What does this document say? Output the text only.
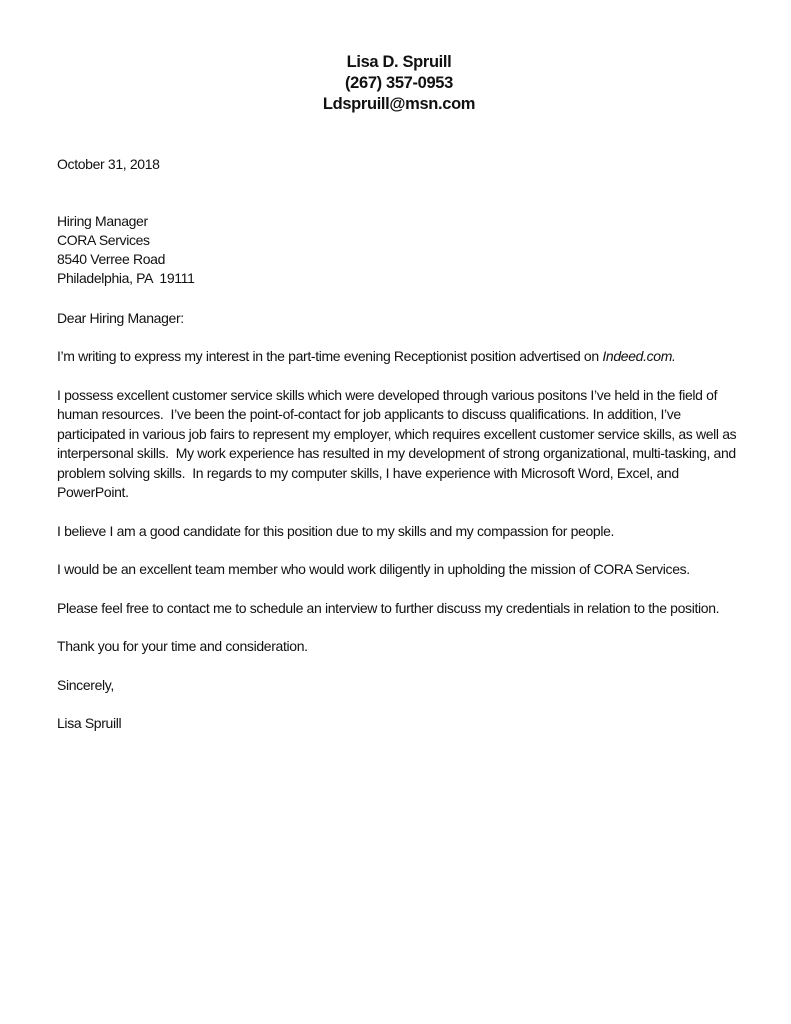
Lisa D. Spruill
(267) 357-0953
Ldspruill@msn.com
October 31, 2018
Hiring Manager
CORA Services
8540 Verree Road
Philadelphia, PA  19111
Dear Hiring Manager:

I’m writing to express my interest in the part-time evening Receptionist position advertised on Indeed.com.

I possess excellent customer service skills which were developed through various positons I’ve held in the field of human resources.  I’ve been the point-of-contact for job applicants to discuss qualifications. In addition, I’ve participated in various job fairs to represent my employer, which requires excellent customer service skills, as well as interpersonal skills.  My work experience has resulted in my development of strong organizational, multi-tasking, and problem solving skills.  In regards to my computer skills, I have experience with Microsoft Word, Excel, and PowerPoint.

I believe I am a good candidate for this position due to my skills and my compassion for people.

I would be an excellent team member who would work diligently in upholding the mission of CORA Services.

Please feel free to contact me to schedule an interview to further discuss my credentials in relation to the position.

Thank you for your time and consideration.

Sincerely,
Lisa Spruill
